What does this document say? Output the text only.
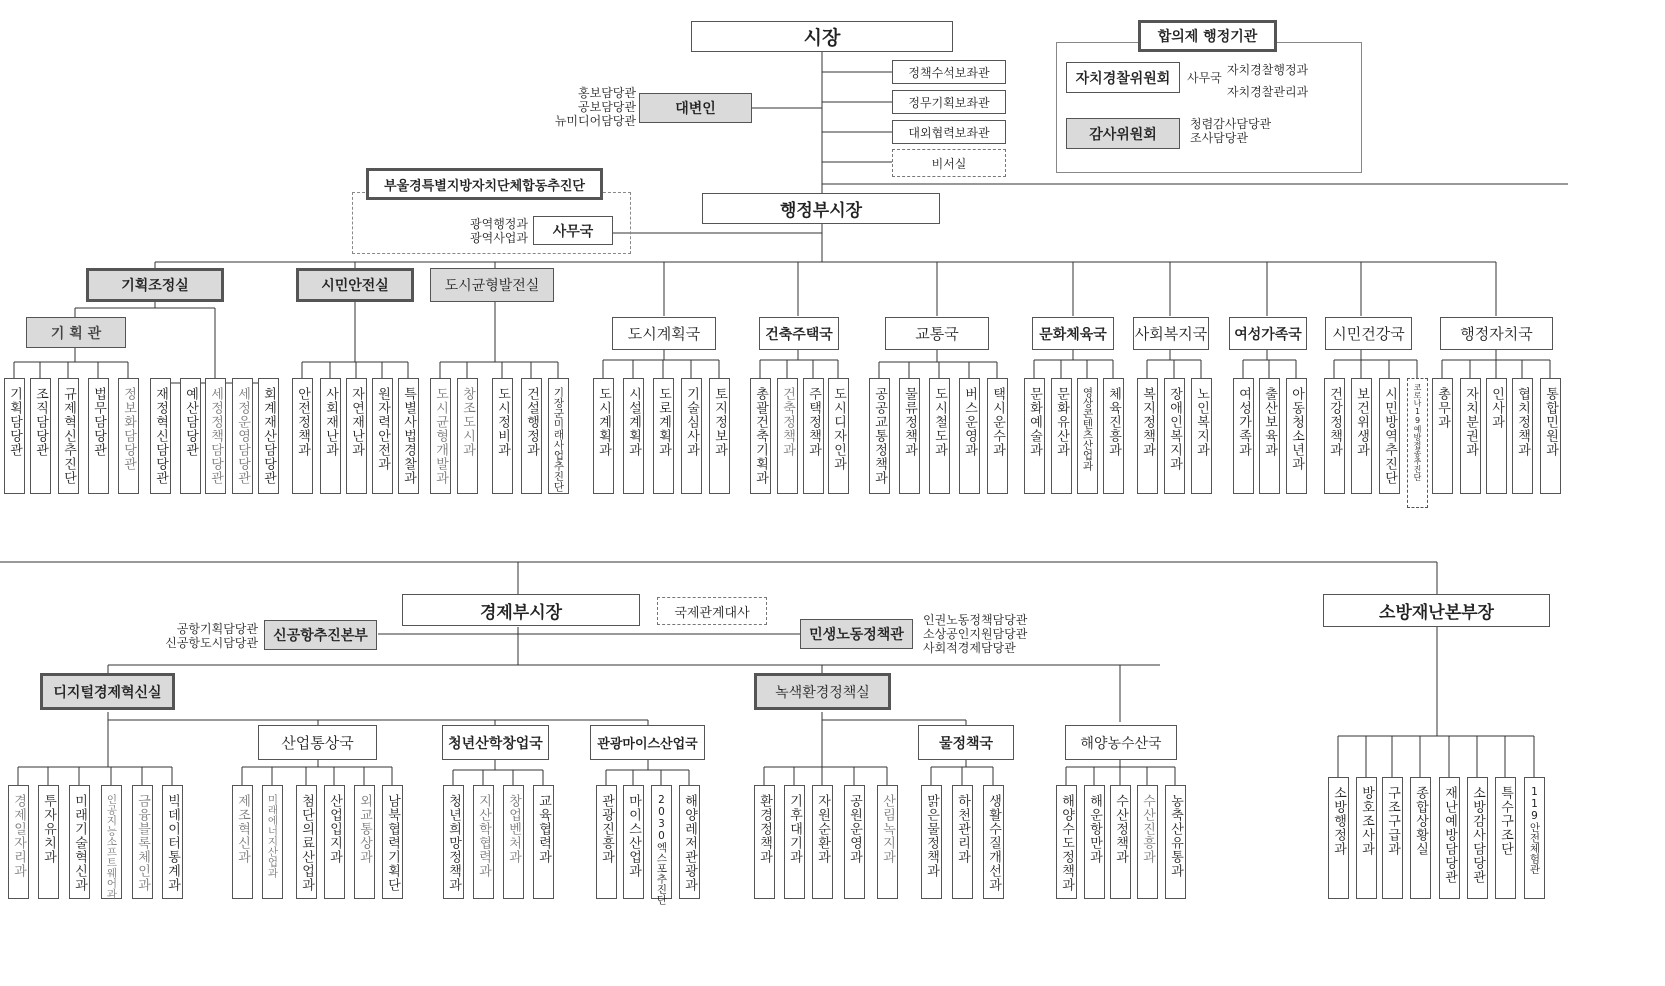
시장
정책수석보좌관
정무기획보좌관
대외협력보좌관
비서실
대변인
홍보담당관
공보담당관
뉴미디어담당관
합의제 행정기관
자치경찰위원회	사무국
자치경찰행정과
자치경찰관리과
감사위원회
청렴감사담당관
조사담당관
부울경특별지방자치단체합동추진단
사무국
광역행정과
광역사업과
행정부시장
기획조정실	시민안전실	도시균형발전실
기 획 관
기획담당관 조직담당관 규제혁신추진단 법무담당관 정보화담당관 재정혁신담당관 예산담당관 세정정책담당관 세정운영담당관 회계재산담당관 안전정책과 사회재난과 자연재난과 원자력안전과 특별사법경찰과 도시균형개발과 창조도시과 도시정비과 건설행정과 기장군미래사업추진단
도시계획국
도시계획과 시설계획과 도로계획과 기술심사과 토지정보과
건축주택국
총괄건축기획과 건축정책과 주택정책과 도시디자인과
교통국
공공교통정책과 물류정책과 도시철도과 버스운영과 택시운수과
문화체육국
문화예술과 문화유산과 영상콘텐츠산업과 체육진흥과
사회복지국
복지정책과 장애인복지과 노인복지과
여성가족국
여성가족과 출산보육과 아동청소년과
시민건강국
건강정책과 보건위생과 시민방역추진단 코로나19예방접종추진단
행정자치국
총무과 자치분권과 인사과 협치정책과 통합민원과
경제부시장	국제관계대사
신공항추진본부
공항기획담당관
신공항도시담당관	민생노동정책관
인권노동정책담당관
소상공인지원담당관
사회적경제담당관
디지털경제혁신실
경제일자리과 투자유치과 미래기술혁신과 인공지능소프트웨어과 금융블록체인과 빅데이터통계과
산업통상국
제조혁신과 미래에너지산업과 첨단의료산업과 산업입지과 외교통상과 남북협력기획단
청년산학창업국
청년희망정책과 지산학협력과 창업벤처과 교육협력과
관광마이스산업국
관광진흥과 마이스산업과 2030엑스포추진단 해양레저관광과
녹색환경정책실
환경정책과 기후대기과 자원순환과 공원운영과 산림녹지과
물정책국
맑은물정책과 하천관리과 생활수질개선과
해양농수산국
해양수도정책과 해운항만과 수산정책과 수산진흥과 농축산유통과
소방재난본부장
소방행정과 방호조사과 구조구급과 종합상황실 재난예방담당관 소방감사담당관 특수구조단 119안전체험관
